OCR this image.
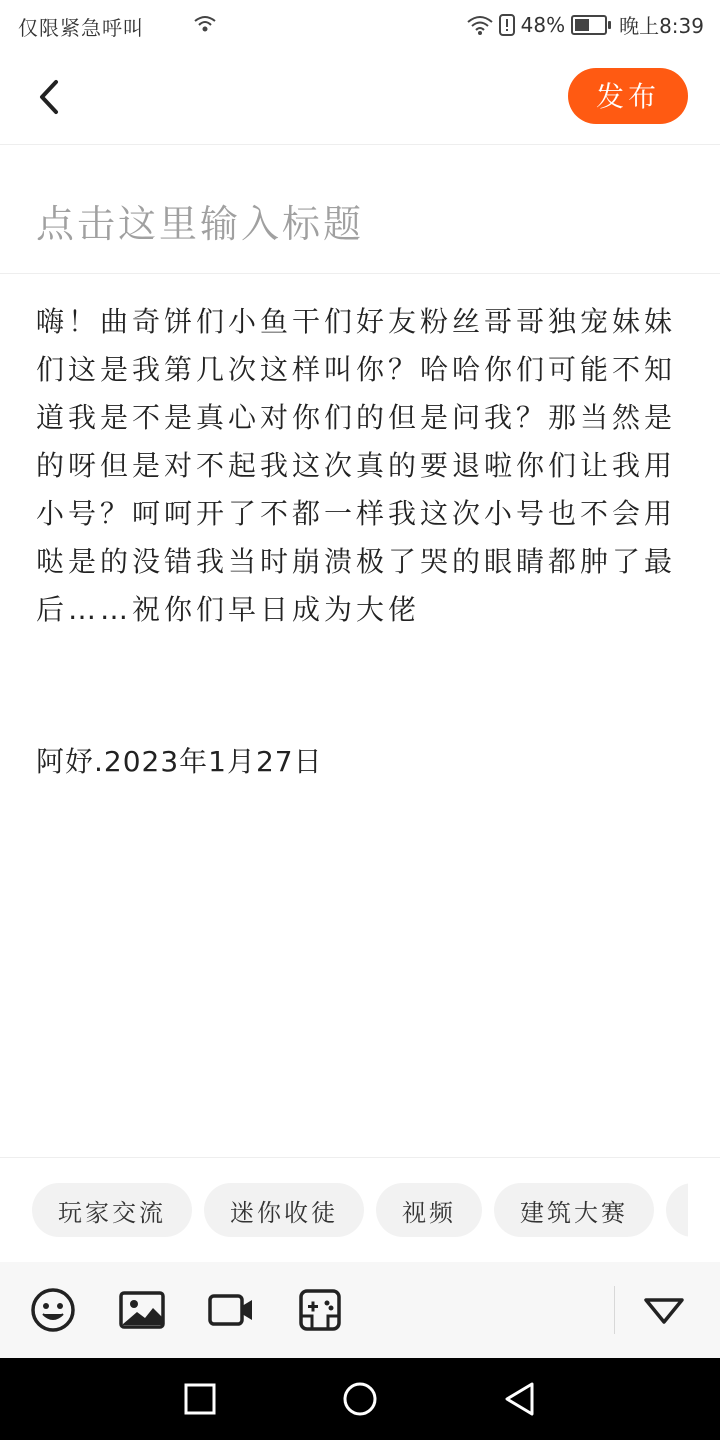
仅限紧急呼叫	48%	晚上8:39
发布
点击这里输入标题
嗨！曲奇饼们小鱼干们好友粉丝哥哥独宠妹妹们这是我第几次这样叫你？哈哈你们可能不知道我是不是真心对你们的但是问我？那当然是的呀但是对不起我这次真的要退啦你们让我用小号？呵呵开了不都一样我这次小号也不会用哒是的没错我当时崩溃极了哭的眼睛都肿了最后……祝你们早日成为大佬
阿妤.2023年1月27日
玩家交流	迷你收徒	视频	建筑大赛
